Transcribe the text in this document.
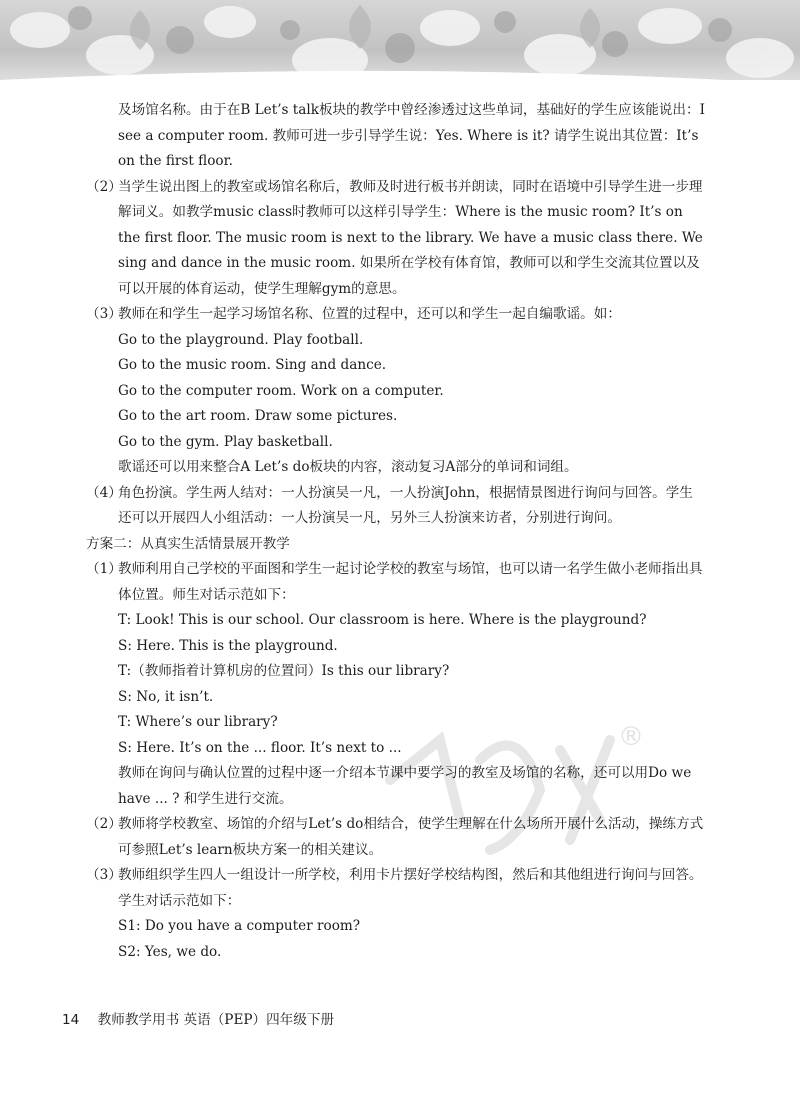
®

及场馆名称。由于在B Let’s talk板块的教学中曾经渗透过这些单词，基础好的学生应该能说出：I see a computer room. 教师可进一步引导学生说：Yes. Where is it? 请学生说出其位置：It’s on the first floor.

（2）
当学生说出图上的教室或场馆名称后，教师及时进行板书并朗读，同时在语境中引导学生进一步理解词义。如教学music class时教师可以这样引导学生：Where is the music room? It’s on the first floor. The music room is next to the library. We have a music class there. We sing and dance in the music room. 如果所在学校有体育馆，教师可以和学生交流其位置以及可以开展的体育运动，使学生理解gym的意思。
（3）

教师在和学生一起学习场馆名称、位置的过程中，还可以和学生一起自编歌谣。如：

Go to the playground. Play football.

Go to the music room. Sing and dance.

Go to the computer room. Work on a computer.

Go to the art room. Draw some pictures.

Go to the gym. Play basketball.

歌谣还可以用来整合A Let’s do板块的内容，滚动复习A部分的单词和词组。

（4）
角色扮演。学生两人结对：一人扮演吴一凡，一人扮演John，根据情景图进行询问与回答。学生还可以开展四人小组活动：一人扮演吴一凡，另外三人扮演来访者，分别进行询问。

方案二：从真实生活情景展开教学

（1）

教师利用自己学校的平面图和学生一起讨论学校的教室与场馆，也可以请一名学生做小老师指出具体位置。师生对话示范如下：

T: Look! This is our school. Our classroom is here. Where is the playground?

S: Here. This is the playground.

T:（教师指着计算机房的位置问）Is this our library?

S: No, it isn’t.

T: Where’s our library?

S: Here. It’s on the ... floor. It’s next to ...

教师在询问与确认位置的过程中逐一介绍本节课中要学习的教室及场馆的名称，还可以用Do we have ... ? 和学生进行交流。

（2）
教师将学校教室、场馆的介绍与Let’s do相结合，使学生理解在什么场所开展什么活动，操练方式可参照Let’s learn板块方案一的相关建议。
（3）

教师组织学生四人一组设计一所学校，利用卡片摆好学校结构图，然后和其他组进行询问与回答。学生对话示范如下：

S1: Do you have a computer room?

S2: Yes, we do.

14 教师教学用书 英语（PEP）四年级下册
